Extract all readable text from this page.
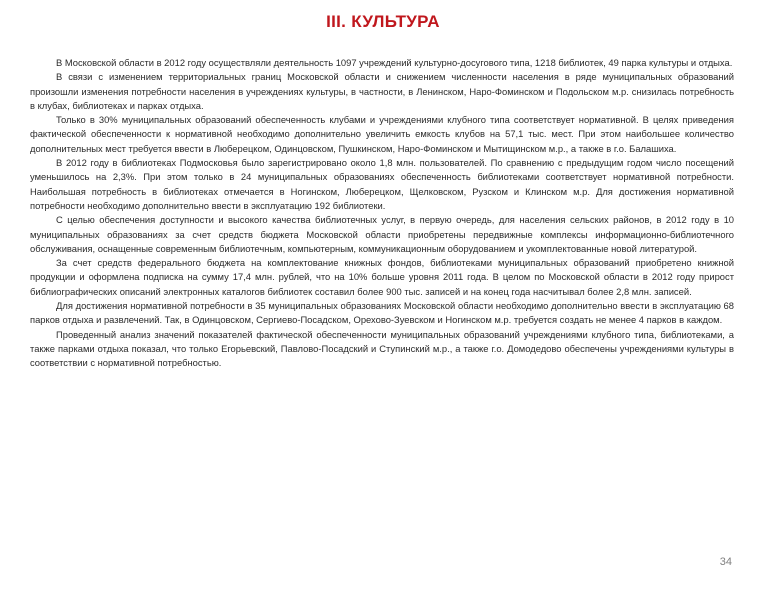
III. КУЛЬТУРА

В Московской области в 2012 году осуществляли деятельность 1097 учреждений культурно-досугового типа, 1218 библиотек, 49 парка культуры и отдыха.

В связи с изменением территориальных границ Московской области и снижением численности населения в ряде муниципальных образований произошли изменения потребности населения в учреждениях культуры, в частности, в Ленинском, Наро-Фоминском и Подольском м.р. снизилась потребность в клубах, библиотеках и парках отдыха.

Только в 30% муниципальных образований обеспеченность клубами и учреждениями клубного типа соответствует нормативной. В целях приведения фактической обеспеченности к нормативной необходимо дополнительно увеличить емкость клубов на 57,1 тыс. мест. При этом наибольшее количество дополнительных мест требуется ввести в Люберецком, Одинцовском, Пушкинском, Наро-Фоминском и Мытищинском м.р., а также в г.о. Балашиха.

В 2012 году в библиотеках Подмосковья было зарегистрировано около 1,8 млн. пользователей. По сравнению с предыдущим годом число посещений уменьшилось на 2,3%. При этом только в 24 муниципальных образованиях обеспеченность библиотеками соответствует нормативной потребности. Наибольшая потребность в библиотеках отмечается в Ногинском, Люберецком, Щелковском, Рузском и Клинском м.р. Для достижения нормативной потребности необходимо дополнительно ввести в эксплуатацию 192 библиотеки.

С целью обеспечения доступности и высокого качества библиотечных услуг, в первую очередь, для населения сельских районов, в 2012 году в 10 муниципальных образованиях за счет средств бюджета Московской области приобретены передвижные комплексы информационно-библиотечного обслуживания, оснащенные современным библиотечным, компьютерным, коммуникационным оборудованием и укомплектованные новой литературой.

За счет средств федерального бюджета на комплектование книжных фондов, библиотеками муниципальных образований приобретено книжной продукции и оформлена подписка на сумму 17,4 млн. рублей, что на 10% больше уровня 2011 года. В целом по Московской области в 2012 году прирост библиографических описаний электронных каталогов библиотек составил более 900 тыс. записей и на конец года насчитывал более 2,8 млн. записей.

Для достижения нормативной потребности в 35 муниципальных образованиях Московской области необходимо дополнительно ввести в эксплуатацию 68 парков отдыха и развлечений. Так, в Одинцовском, Сергиево-Посадском, Орехово-Зуевском и Ногинском м.р. требуется создать не менее 4 парков в каждом.

Проведенный анализ значений показателей фактической обеспеченности муниципальных образований учреждениями клубного типа, библиотеками, а также парками отдыха показал, что только Егорьевский, Павлово-Посадский и Ступинский м.р., а также г.о. Домодедово обеспечены учреждениями культуры в соответствии с нормативной потребностью.

34
